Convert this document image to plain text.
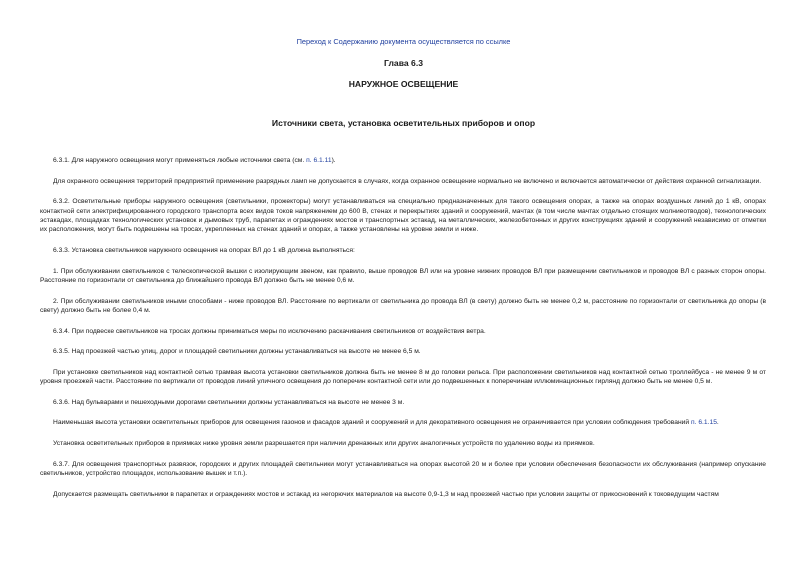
Переход к Содержанию документа осуществляется по ссылке
Глава 6.3
НАРУЖНОЕ ОСВЕЩЕНИЕ
Источники света, установка осветительных приборов и опор

6.3.1. Для наружного освещения могут применяться любые источники света (см. п. 6.1.11).

Для охранного освещения территорий предприятий применение разрядных ламп не допускается в случаях, когда охранное освещение нормально не включено и включается автоматически от действия охранной сигнализации.

6.3.2. Осветительные приборы наружного освещения (светильники, прожекторы) могут устанавливаться на специально предназначенных для такого освещения опорах, а также на опорах воздушных линий до 1 кВ, опорах контактной сети электрифицированного городского транспорта всех видов токов напряжением до 600 В, стенах и перекрытиях зданий и сооружений, мачтах (в том числе мачтах отдельно стоящих молниеотводов), технологических эстакадах, площадках технологических установок и дымовых труб, парапетах и ограждениях мостов и транспортных эстакад, на металлических, железобетонных и других конструкциях зданий и сооружений независимо от отметки их расположения, могут быть подвешены на тросах, укрепленных на стенах зданий и опорах, а также установлены на уровне земли и ниже.

6.3.3. Установка светильников наружного освещения на опорах ВЛ до 1 кВ должна выполняться:

1. При обслуживании светильников с телескопической вышки с изолирующим звеном, как правило, выше проводов ВЛ или на уровне нижних проводов ВЛ при размещении светильников и проводов ВЛ с разных сторон опоры. Расстояние по горизонтали от светильника до ближайшего провода ВЛ должно быть не менее 0,6 м.

2. При обслуживании светильников иными способами - ниже проводов ВЛ. Расстояние по вертикали от светильника до провода ВЛ (в свету) должно быть не менее 0,2 м, расстояние по горизонтали от светильника до опоры (в свету) должно быть не более 0,4 м.

6.3.4. При подвеске светильников на тросах должны приниматься меры по исключению раскачивания светильников от воздействия ветра.

6.3.5. Над проезжей частью улиц, дорог и площадей светильники должны устанавливаться на высоте не менее 6,5 м.

При установке светильников над контактной сетью трамвая высота установки светильников должна быть не менее 8 м до головки рельса. При расположении светильников над контактной сетью троллейбуса - не менее 9 м от уровня проезжей части. Расстояние по вертикали от проводов линий уличного освещения до поперечин контактной сети или до подвешенных к поперечинам иллюминационных гирлянд должно быть не менее 0,5 м.

6.3.6. Над бульварами и пешеходными дорогами светильники должны устанавливаться на высоте не менее 3 м.

Наименьшая высота установки осветительных приборов для освещения газонов и фасадов зданий и сооружений и для декоративного освещения не ограничивается при условии соблюдения требований п. 6.1.15.

Установка осветительных приборов в приямках ниже уровня земли разрешается при наличии дренажных или других аналогичных устройств по удалению воды из приямков.

6.3.7. Для освещения транспортных развязок, городских и других площадей светильники могут устанавливаться на опорах высотой 20 м и более при условии обеспечения безопасности их обслуживания (например опускание светильников, устройство площадок, использование вышек и т.п.).

Допускается размещать светильники в парапетах и ограждениях мостов и эстакад из негорючих материалов на высоте 0,9-1,3 м над проезжей частью при условии защиты от прикосновений к токоведущим частям
